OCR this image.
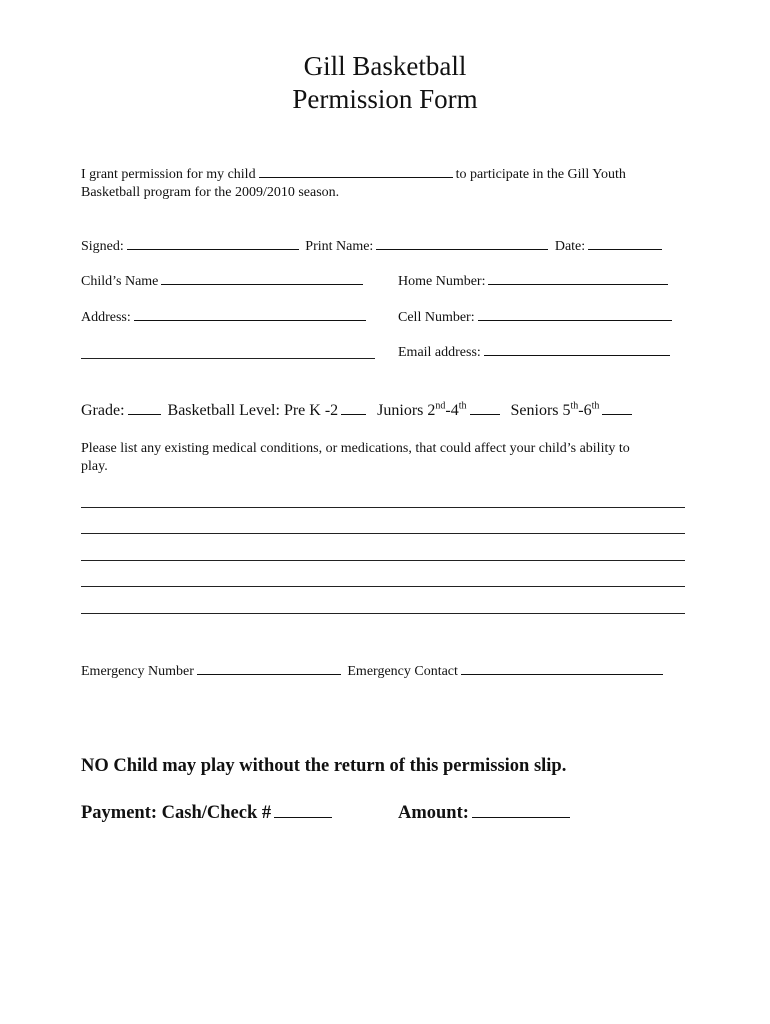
Gill Basketball
Permission Form
I grant permission for my child	to participate in the Gill Youth
Basketball program for the 2009/2010 season.
Signed:	Print Name:	Date:
Child’s Name	Home Number:
Address:	Cell Number:
Email address:
Grade:	Basketball Level: Pre K -2 Juniors 2nd-4th	Seniors 5th-6th
Please list any existing medical conditions, or medications, that could affect your child’s ability to
play.
Emergency Number	Emergency Contact
NO Child may play without the return of this permission slip.
Payment: Cash/Check #	Amount:
